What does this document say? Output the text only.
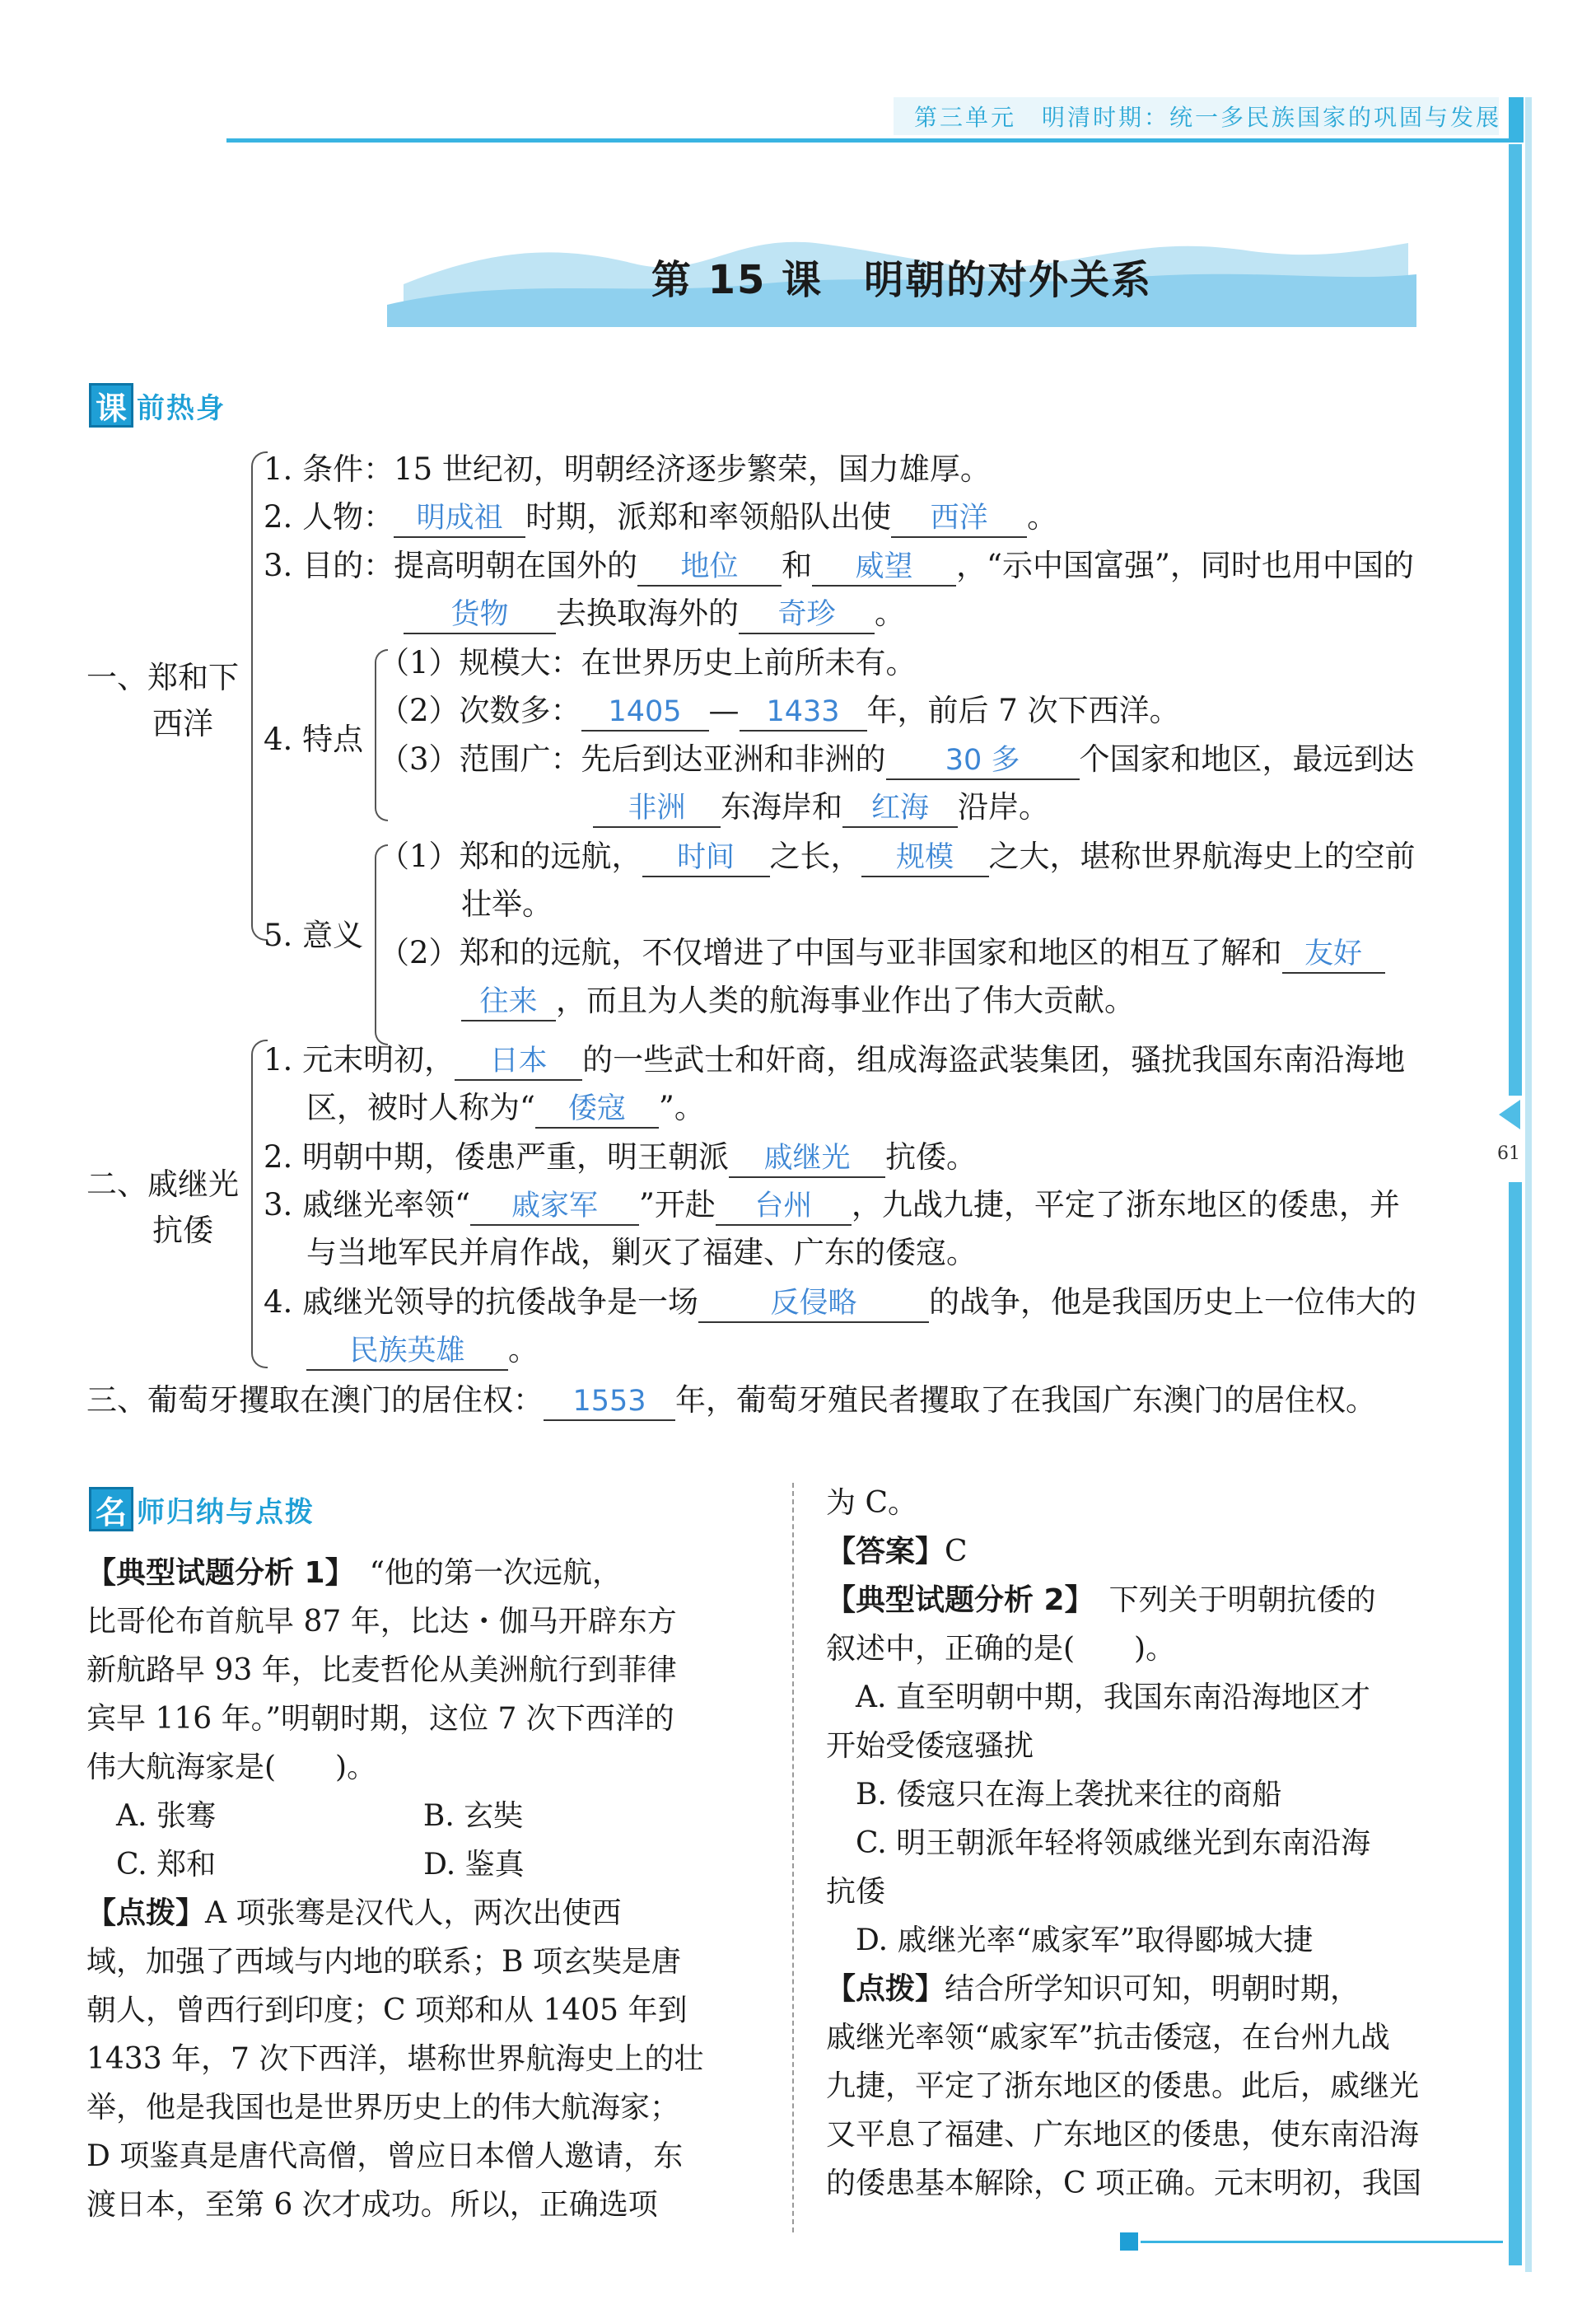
第三单元　明清时期：统一多民族国家的巩固与发展
61
第 15 课　明朝的对外关系
课 前热身
一、郑和下
西洋
1. 条件：15 世纪初，明朝经济逐步繁荣，国力雄厚。
2. 人物： 明成祖 时期，派郑和率领船队出使 西洋 。
3. 目的：提高明朝在国外的 地位 和 威望 ，“示中国富强”，同时也用中国的
货物 去换取海外的 奇珍 。
4. 特点
（1）规模大：在世界历史上前所未有。
（2）次数多： 1405 — 1433 年，前后 7 次下西洋。
（3）范围广：先后到达亚洲和非洲的 30 多 个国家和地区，最远到达
非洲 东海岸和 红海 沿岸。
5. 意义
（1）郑和的远航， 时间 之长， 规模 之大，堪称世界航海史上的空前
壮举。
（2）郑和的远航，不仅增进了中国与亚非国家和地区的相互了解和 友好
往来 ，而且为人类的航海事业作出了伟大贡献。
二、戚继光
抗倭
1. 元末明初， 日本 的一些武士和奸商，组成海盗武装集团，骚扰我国东南沿海地
区，被时人称为“ 倭寇 ”。
2. 明朝中期，倭患严重，明王朝派 戚继光 抗倭。
3. 戚继光率领“ 戚家军 ”开赴 台州 ，九战九捷，平定了浙东地区的倭患，并
与当地军民并肩作战，剿灭了福建、广东的倭寇。
4. 戚继光领导的抗倭战争是一场 反侵略 的战争，他是我国历史上一位伟大的
民族英雄 。
三、葡萄牙攫取在澳门的居住权： 1553 年，葡萄牙殖民者攫取了在我国广东澳门的居住权。
名 师归纳与点拨
【典型试题分析 1】　“他的第一次远航，
比哥伦布首航早 87 年，比达・伽马开辟东方
新航路早 93 年，比麦哲伦从美洲航行到菲律
宾早 116 年。”明朝时期，这位 7 次下西洋的
伟大航海家是(　　)。
　A. 张骞　　　　　　　B. 玄奘
　C. 郑和　　　　　　　D. 鉴真
【点拨】A 项张骞是汉代人，两次出使西
域，加强了西域与内地的联系；B 项玄奘是唐
朝人，曾西行到印度；C 项郑和从 1405 年到
1433 年，7 次下西洋，堪称世界航海史上的壮
举，他是我国也是世界历史上的伟大航海家；
D 项鉴真是唐代高僧，曾应日本僧人邀请，东
渡日本，至第 6 次才成功。所以，正确选项
为 C。
【答案】C
【典型试题分析 2】　下列关于明朝抗倭的
叙述中，正确的是(　　)。
　A. 直至明朝中期，我国东南沿海地区才
开始受倭寇骚扰
　B. 倭寇只在海上袭扰来往的商船
　C. 明王朝派年轻将领戚继光到东南沿海
抗倭
　D. 戚继光率“戚家军”取得郾城大捷
【点拨】结合所学知识可知，明朝时期，
戚继光率领“戚家军”抗击倭寇，在台州九战
九捷，平定了浙东地区的倭患。此后，戚继光
又平息了福建、广东地区的倭患，使东南沿海
的倭患基本解除，C 项正确。元末明初，我国
